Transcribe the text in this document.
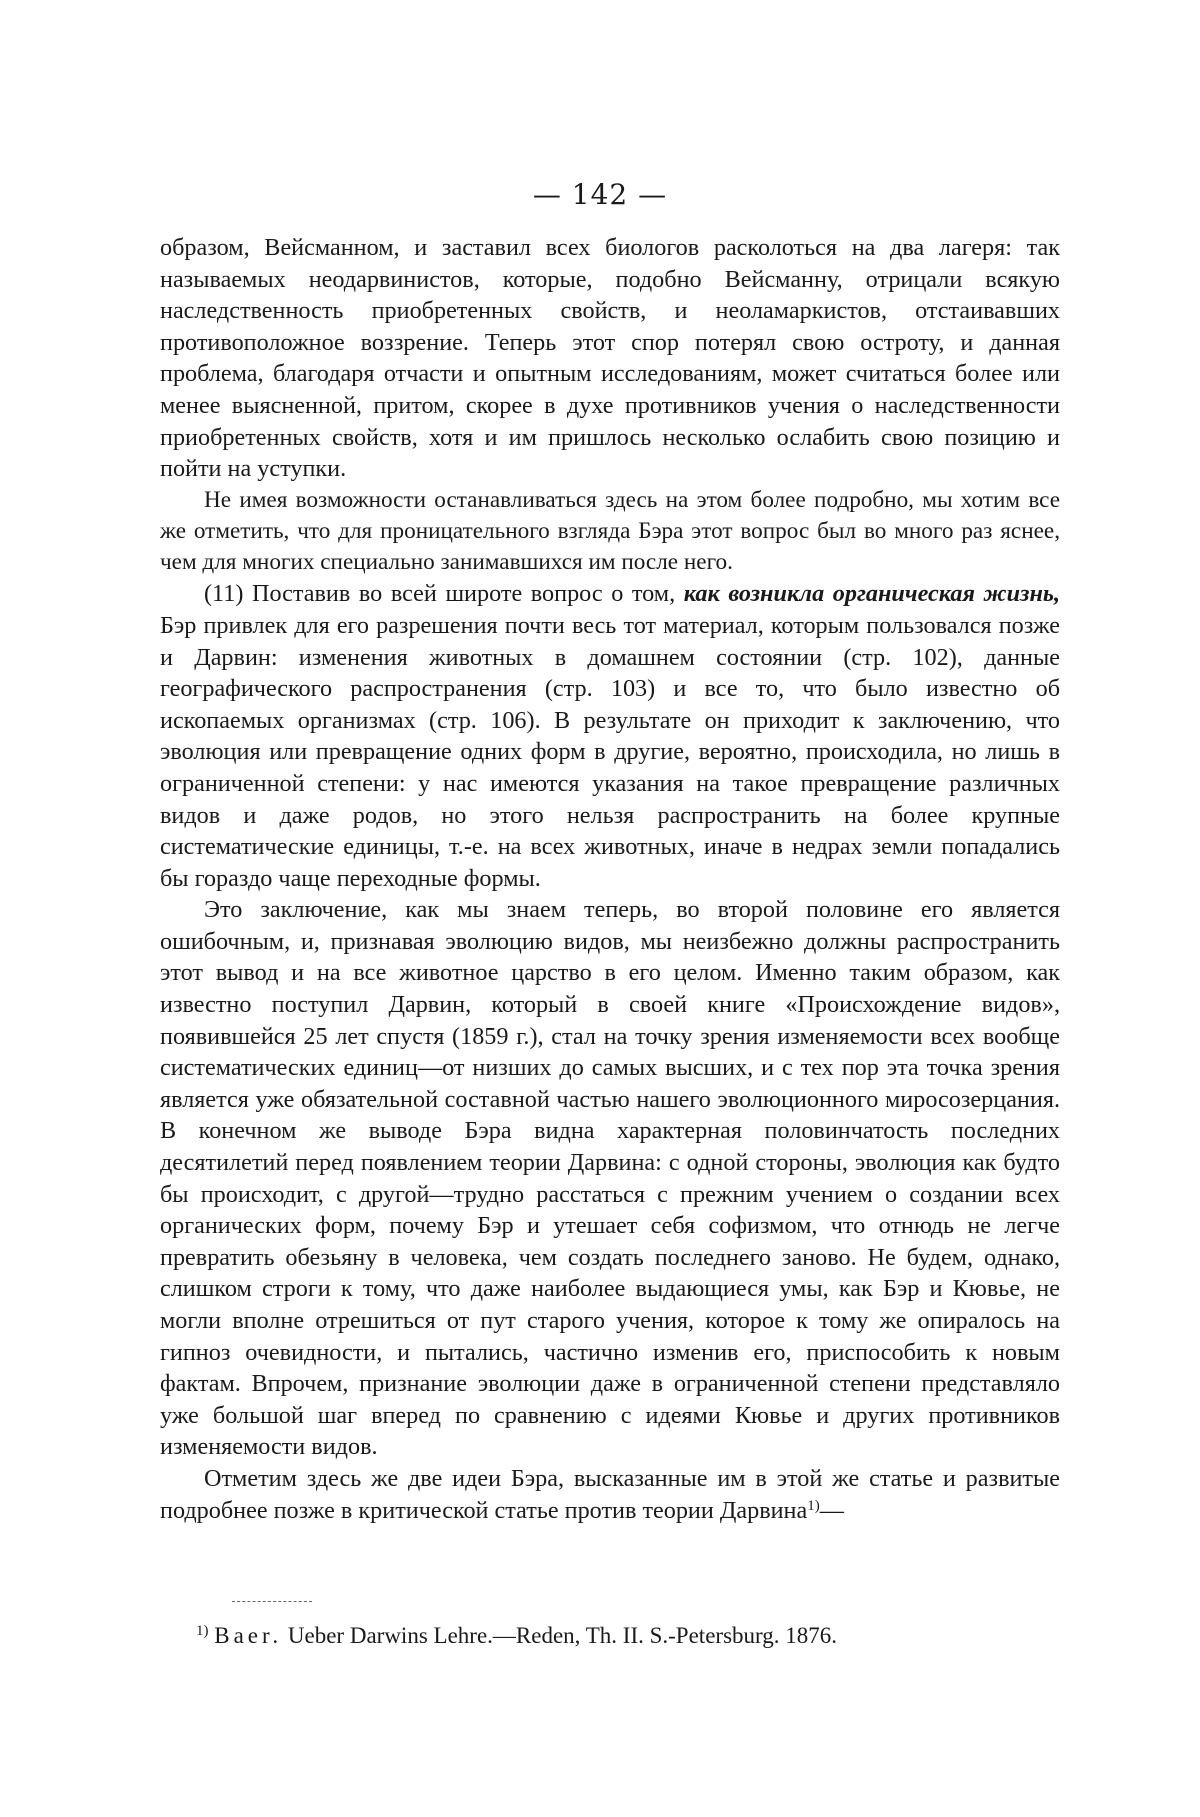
— 142 —

образом, Вейсманном, и заставил всех биологов расколоться на два лагеря: так называемых неодарвинистов, которые, подобно Вейсманну, отрицали всякую наследственность приобретенных свойств, и неоламаркистов, отстаивавших противоположное воззрение. Теперь этот спор потерял свою остроту, и данная проблема, благодаря отчасти и опытным исследованиям, может считаться более или менее выясненной, притом, скорее в духе противников учения о наследственности приобретенных свойств, хотя и им пришлось несколько ослабить свою позицию и пойти на уступки.

Не имея возможности останавливаться здесь на этом более подробно, мы хотим все же отметить, что для проницательного взгляда Бэра этот вопрос был во много раз яснее, чем для многих специально занимавшихся им после него.

(11) Поставив во всей широте вопрос о том, как возникла органическая жизнь, Бэр привлек для его разрешения почти весь тот материал, которым пользовался позже и Дарвин: изменения животных в домашнем состоянии (стр. 102), данные географического распространения (стр. 103) и все то, что было известно об ископаемых организмах (стр. 106). В результате он приходит к заключению, что эволюция или превращение одних форм в другие, вероятно, происходила, но лишь в ограниченной степени: у нас имеются указания на такое превращение различных видов и даже родов, но этого нельзя распространить на более крупные систематические единицы, т.-е. на всех животных, иначе в недрах земли попадались бы гораздо чаще переходные формы.

Это заключение, как мы знаем теперь, во второй половине его является ошибочным, и, признавая эволюцию видов, мы неизбежно должны распространить этот вывод и на все животное царство в его целом. Именно таким образом, как известно поступил Дарвин, который в своей книге «Происхождение видов», появившейся 25 лет спустя (1859 г.), стал на точку зрения изменяемости всех вообще систематических единиц—от низших до самых высших, и с тех пор эта точка зрения является уже обязательной составной частью нашего эволюционного миросозерцания. В конечном же выводе Бэра видна характерная половинчатость последних десятилетий перед появлением теории Дарвина: с одной стороны, эволюция как будто бы происходит, с другой—трудно расстаться с прежним учением о создании всех органических форм, почему Бэр и утешает себя софизмом, что отнюдь не легче превратить обезьяну в человека, чем создать последнего заново. Не будем, однако, слишком строги к тому, что даже наиболее выдающиеся умы, как Бэр и Кювье, не могли вполне отрешиться от пут старого учения, которое к тому же опиралось на гипноз очевидности, и пытались, частично изменив его, приспособить к новым фактам. Впрочем, признание эволюции даже в ограниченной степени представляло уже большой шаг вперед по сравнению с идеями Кювье и других противников изменяемости видов.

Отметим здесь же две идеи Бэра, высказанные им в этой же статье и развитые подробнее позже в критической статье против теории Дарвина$^{1)}$—

$^{1)}$ Baer. Ueber Darwins Lehre.—Reden, Th. II. S.-Petersburg. 1876.
